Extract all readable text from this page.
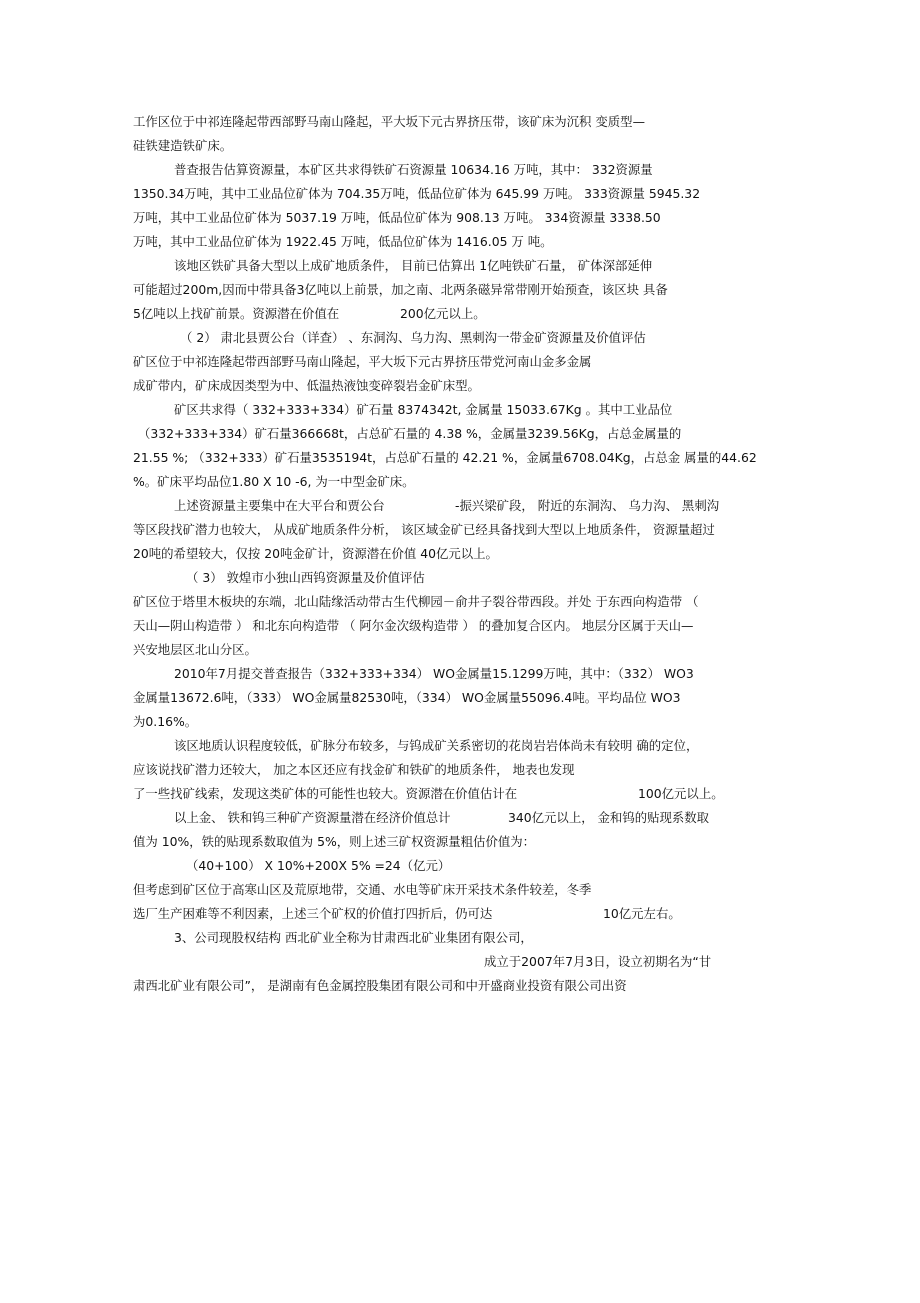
工作区位于中祁连隆起带西部野马南山隆起，平大坂下元古界挤压带，该矿床为沉积 变质型—
硅铁建造铁矿床。
普查报告估算资源量，本矿区共求得铁矿石资源量 10634.16 万吨，其中： 332资源量
1350.34万吨，其中工业品位矿体为 704.35万吨，低品位矿体为 645.99 万吨。 333资源量 5945.32
万吨，其中工业品位矿体为 5037.19 万吨，低品位矿体为 908.13 万吨。 334资源量 3338.50
万吨，其中工业品位矿体为 1922.45 万吨，低品位矿体为 1416.05 万 吨。
该地区铁矿具备大型以上成矿地质条件， 目前已估算出 1亿吨铁矿石量， 矿体深部延伸
可能超过200m,因而中带具备3亿吨以上前景，加之南、北两条磁异常带刚开始预查，该区块 具备
5亿吨以上找矿前景。资源潜在价值在	200亿元以上。
（ 2） 肃北县贾公台（详查） 、东洞沟、乌力沟、黑刺沟一带金矿资源量及价值评估
矿区位于中祁连隆起带西部野马南山隆起，平大坂下元古界挤压带党河南山金多金属
成矿带内，矿床成因类型为中、低温热液蚀变碎裂岩金矿床型。
矿区共求得（ 332+333+334）矿石量 8374342t, 金属量 15033.67Kg 。其中工业品位
（332+333+334）矿石量366668t，占总矿石量的 4.38 %，金属量3239.56Kg，占总金属量的
21.55 %; （332+333）矿石量3535194t，占总矿石量的 42.21 %，金属量6708.04Kg，占总金 属量的44.62
%。矿床平均品位1.80 X 10 -6, 为一中型金矿床。
上述资源量主要集中在大平台和贾公台	-振兴梁矿段， 附近的东洞沟、 乌力沟、 黑刺沟
等区段找矿潜力也较大， 从成矿地质条件分析， 该区域金矿已经具备找到大型以上地质条件， 资源量超过
20吨的希望较大，仅按 20吨金矿计，资源潜在价值 40亿元以上。
（ 3） 敦煌市小独山西钨资源量及价值评估
矿区位于塔里木板块的东端，北山陆缘活动带古生代柳园－俞井子裂谷带西段。并处 于东西向构造带 （
天山—阴山构造带 ） 和北东向构造带 （ 阿尔金次级构造带 ） 的叠加复合区内。 地层分区属于天山—
兴安地层区北山分区。
2010年7月提交普查报告（332+333+334） WO金属量15.1299万吨，其中：（332） WO3
金属量13672.6吨，（333） WO金属量82530吨，（334） WO金属量55096.4吨。平均品位 WO3
为0.16%。
该区地质认识程度较低，矿脉分布较多，与钨成矿关系密切的花岗岩岩体尚未有较明 确的定位，
应该说找矿潜力还较大， 加之本区还应有找金矿和铁矿的地质条件， 地表也发现
了一些找矿线索，发现这类矿体的可能性也较大。资源潜在价值估计在	100亿元以上。
以上金、 铁和钨三种矿产资源量潜在经济价值总计	340亿元以上， 金和钨的贴现系数取
值为 10%，铁的贴现系数取值为 5%，则上述三矿权资源量粗估价值为：
（40+100） X 10%+200X 5% =24（亿元）
但考虑到矿区位于高寒山区及荒原地带，交通、水电等矿床开采技术条件较差，冬季
选厂生产困难等不利因素，上述三个矿权的价值打四折后，仍可达	10亿元左右。
3、公司现股权结构 西北矿业全称为甘肃西北矿业集团有限公司，
成立于2007年7月3日，设立初期名为“甘
肃西北矿业有限公司”， 是湖南有色金属控股集团有限公司和中开盛商业投资有限公司出资
